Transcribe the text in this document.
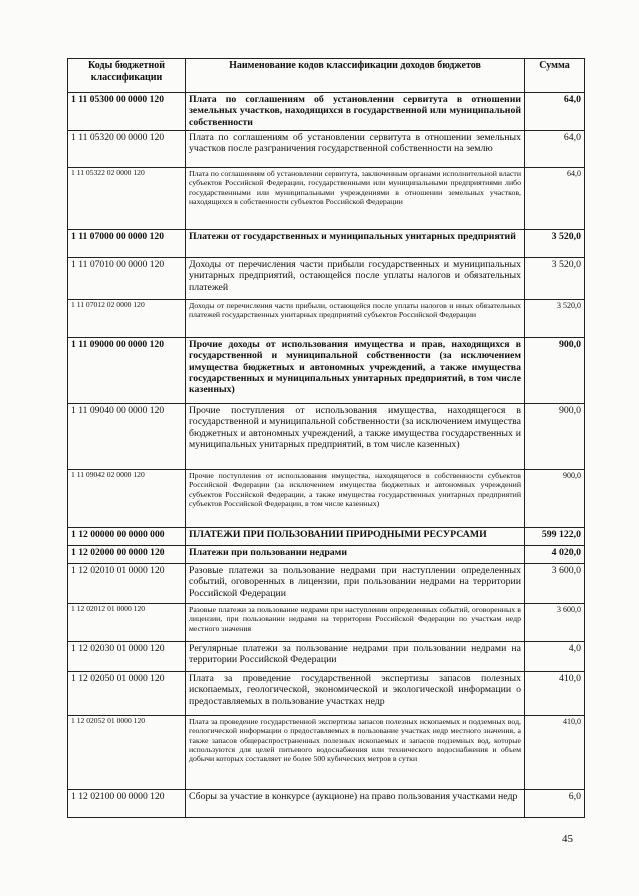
Коды бюджетной классификации	Наименование кодов классификации доходов бюджетов	Сумма
1 11 05300 00 0000 120	Плата по соглашениям об установлении сервитута в отношении земельных участков, находящихся в государственной или муниципальной собственности	64,0
1 11 05320 00 0000 120	Плата по соглашениям об установлении сервитута в отношении земельных участков после разграничения государственной собственности на землю	64,0
1 11 05322 02 0000 120	Плата по соглашениям об установлении сервитута, заключенным органами исполнительной власти субъектов Российской Федерации, государственными или муниципальными предприятиями либо государственными или муниципальными учреждениями в отношении земельных участков, находящихся в собственности субъектов Российской Федерации	64,0
1 11 07000 00 0000 120	Платежи от государственных и муниципальных унитарных предприятий	3 520,0
1 11 07010 00 0000 120	Доходы от перечисления части прибыли государственных и муниципальных унитарных предприятий, остающейся после уплаты налогов и обязательных платежей	3 520,0
1 11 07012 02 0000 120	Доходы от перечисления части прибыли, остающейся после уплаты налогов и иных обязательных платежей государственных унитарных предприятий субъектов Российской Федерации	3 520,0
1 11 09000 00 0000 120	Прочие доходы от использования имущества и прав, находящихся в государственной и муниципальной собственности (за исключением имущества бюджетных и автономных учреждений, а также имущества государственных и муниципальных унитарных предприятий, в том числе казенных)	900,0
1 11 09040 00 0000 120	Прочие поступления от использования имущества, находящегося в государственной и муниципальной собственности (за исключением имущества бюджетных и автономных учреждений, а также имущества государственных и муниципальных унитарных предприятий, в том числе казенных)	900,0
1 11 09042 02 0000 120	Прочие поступления от использования имущества, находящегося в собственности субъектов Российской Федерации (за исключением имущества бюджетных и автономных учреждений субъектов Российской Федерации, а также имущества государственных унитарных предприятий субъектов Российской Федерации, в том числе казенных)	900,0
1 12 00000 00 0000 000	ПЛАТЕЖИ ПРИ ПОЛЬЗОВАНИИ ПРИРОДНЫМИ РЕСУРСАМИ	599 122,0
1 12 02000 00 0000 120	Платежи при пользовании недрами	4 020,0
1 12 02010 01 0000 120	Разовые платежи за пользование недрами при наступлении определенных событий, оговоренных в лицензии, при пользовании недрами на территории Российской Федерации	3 600,0
1 12 02012 01 0000 120	Разовые платежи за пользование недрами при наступлении определенных событий, оговоренных в лицензии, при пользовании недрами на территории Российской Федерации по участкам недр местного значения	3 600,0
1 12 02030 01 0000 120	Регулярные платежи за пользование недрами при пользовании недрами на территории Российской Федерации	4,0
1 12 02050 01 0000 120	Плата за проведение государственной экспертизы запасов полезных ископаемых, геологической, экономической и экологической информации о предоставляемых в пользование участках недр	410,0
1 12 02052 01 0000 120	Плата за проведение государственной экспертизы запасов полезных ископаемых и подземных вод, геологической информации о предоставляемых в пользование участках недр местного значения, а также запасов общераспространенных полезных ископаемых и запасов подземных вод, которые используются для целей питьевого водоснабжения или технического водоснабжения и объем добычи которых составляет не более 500 кубических метров в сутки	410,0
1 12 02100 00 0000 120	Сборы за участие в конкурсе (аукционе) на право пользования участками недр	6,0
45
